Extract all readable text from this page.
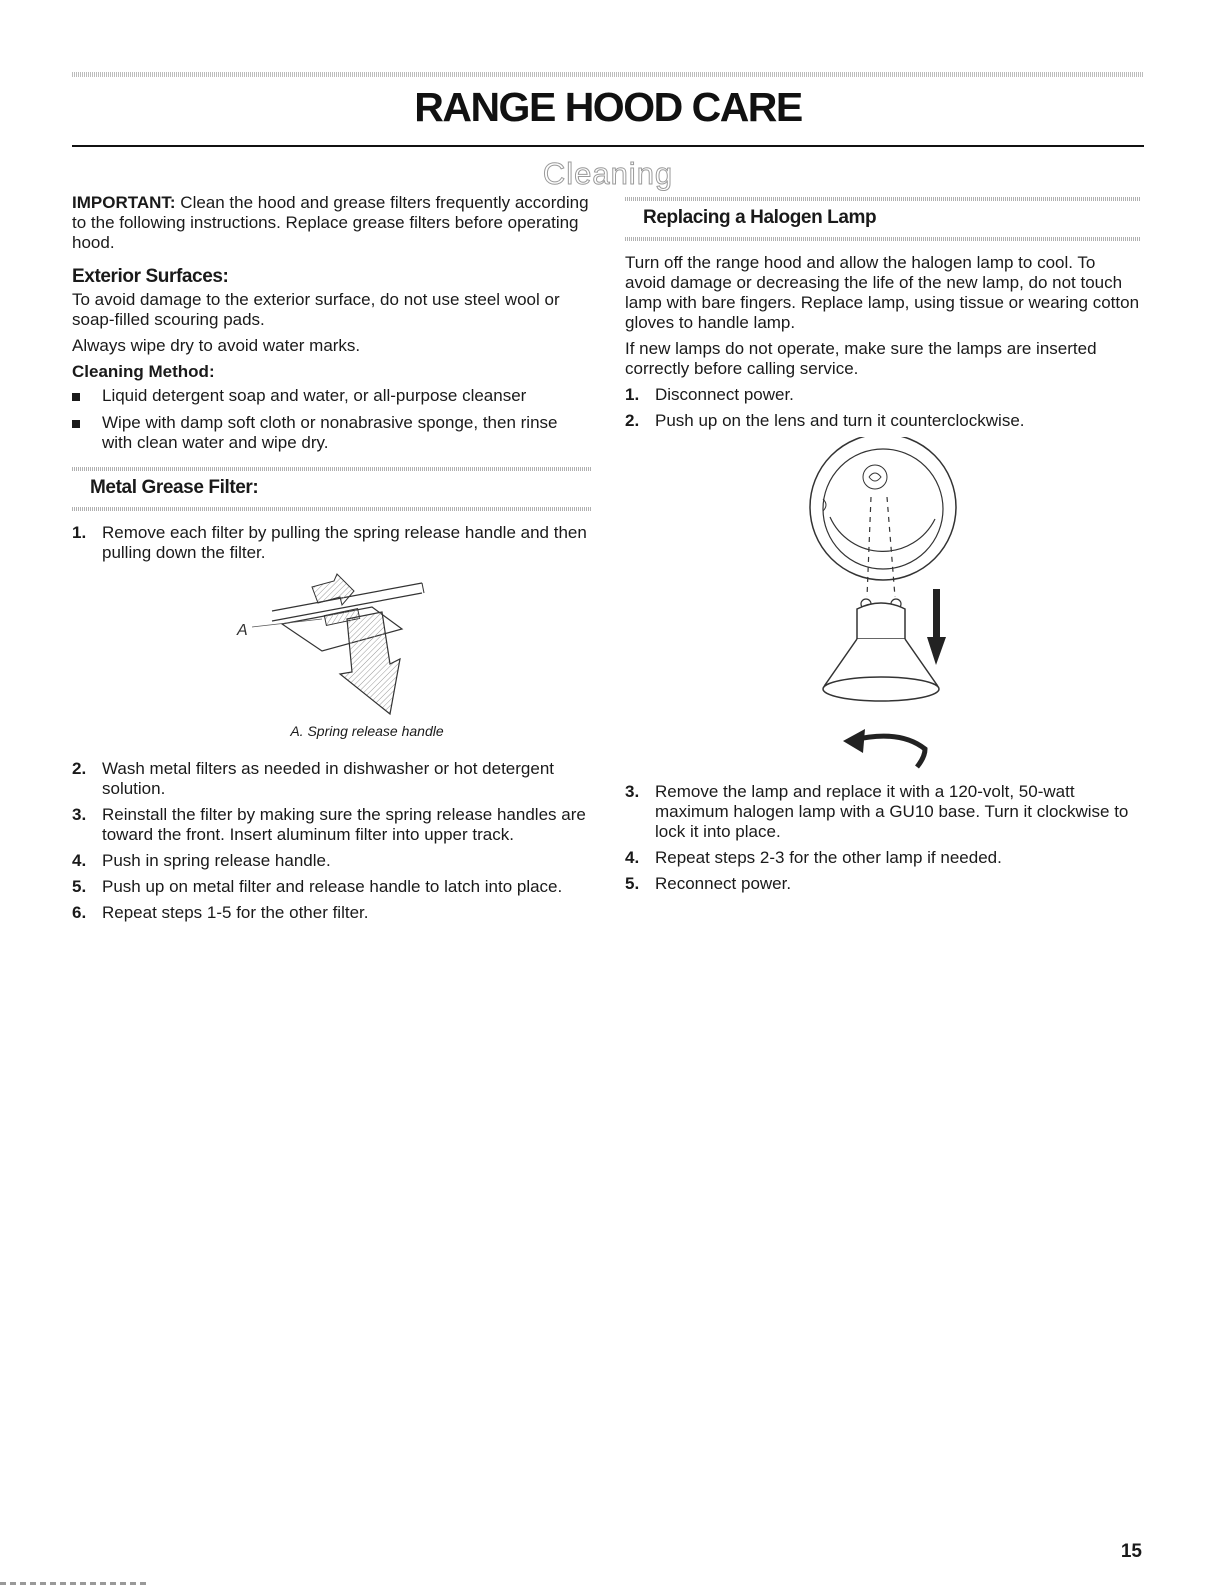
RANGE HOOD CARE
Cleaning

IMPORTANT: Clean the hood and grease filters frequently according to the following instructions. Replace grease filters before operating hood.

Exterior Surfaces:

To avoid damage to the exterior surface, do not use steel wool or soap-filled scouring pads.

Always wipe dry to avoid water marks.

Cleaning Method:
Liquid detergent soap and water, or all-purpose cleanser
Wipe with damp soft cloth or nonabrasive sponge, then rinse with clean water and wipe dry.
Metal Grease Filter:
1. Remove each filter by pulling the spring release handle and then pulling down the filter.
A
A. Spring release handle
2. Wash metal filters as needed in dishwasher or hot detergent solution.
3. Reinstall the filter by making sure the spring release handles are toward the front. Insert aluminum filter into upper track.
4. Push in spring release handle.
5. Push up on metal filter and release handle to latch into place.
6. Repeat steps 1-5 for the other filter.
Replacing a Halogen Lamp

Turn off the range hood and allow the halogen lamp to cool. To avoid damage or decreasing the life of the new lamp, do not touch lamp with bare fingers. Replace lamp, using tissue or wearing cotton gloves to handle lamp.

If new lamps do not operate, make sure the lamps are inserted correctly before calling service.

1. Disconnect power.
2. Push up on the lens and turn it counterclockwise.
3. Remove the lamp and replace it with a 120-volt, 50-watt maximum halogen lamp with a GU10 base. Turn it clockwise to lock it into place.
4. Repeat steps 2-3 for the other lamp if needed.
5. Reconnect power.
15
